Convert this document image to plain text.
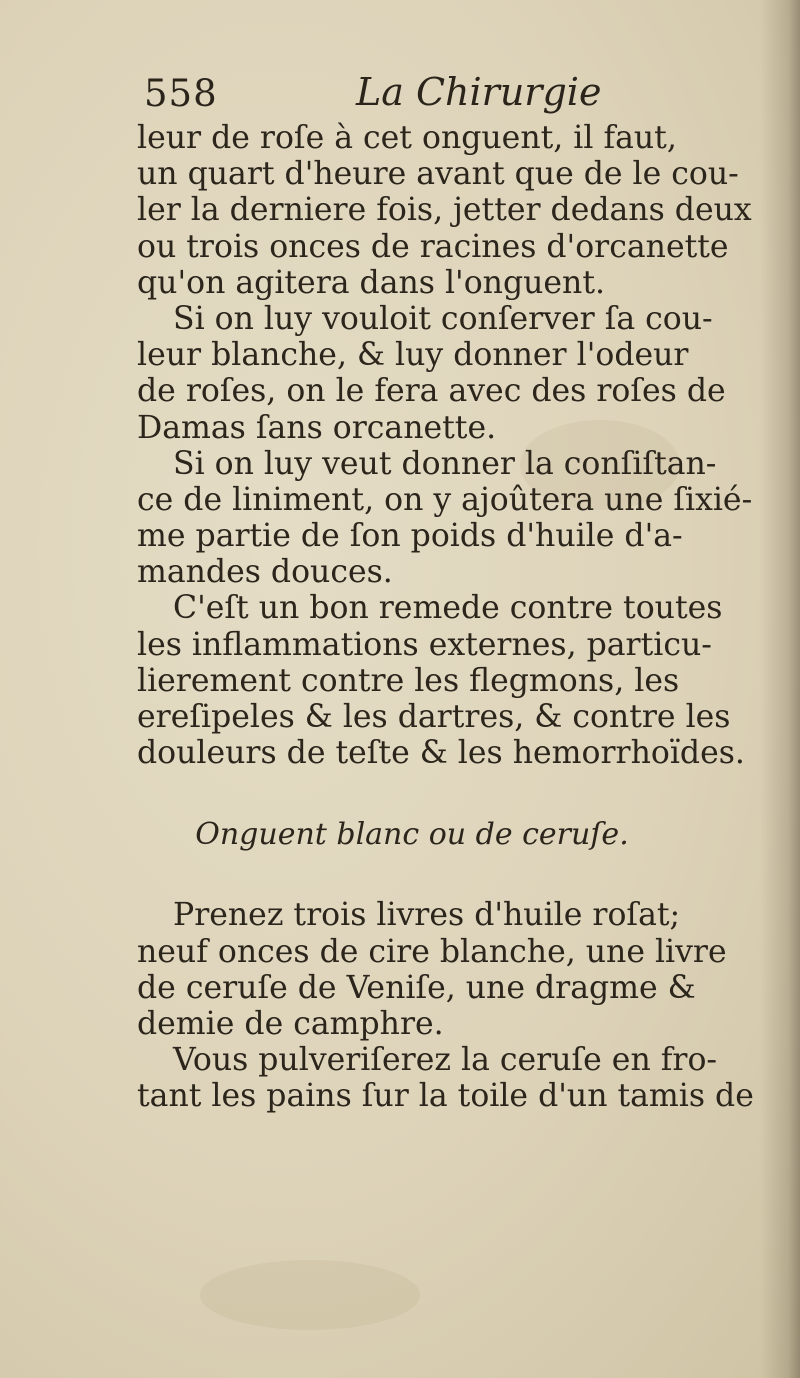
558	La Chirurgie
leur de roſe à cet onguent, il faut,
un quart d'heure avant que de le cou-
ler la derniere fois, jetter dedans deux
ou trois onces de racines d'orcanette
qu'on agitera dans l'onguent.
Si on luy vouloit conſerver ſa cou-
leur blanche, & luy donner l'odeur
de roſes, on le fera avec des roſes de
Damas ſans orcanette.
Si on luy veut donner la conſiſtan-
ce de liniment, on y ajoûtera une ſixié-
me partie de ſon poids d'huile d'a-
mandes douces.
C'eſt un bon remede contre toutes
les inflammations externes, particu-
lierement contre les flegmons, les
ereſipeles & les dartres, & contre les
douleurs de teſte & les hemorrhoïdes.
Onguent blanc ou de ceruſe.
Prenez trois livres d'huile roſat;
neuf onces de cire blanche, une livre
de ceruſe de Veniſe, une dragme &
demie de camphre.
Vous pulveriſerez la ceruſe en fro-
tant les pains ſur la toile d'un tamis de
